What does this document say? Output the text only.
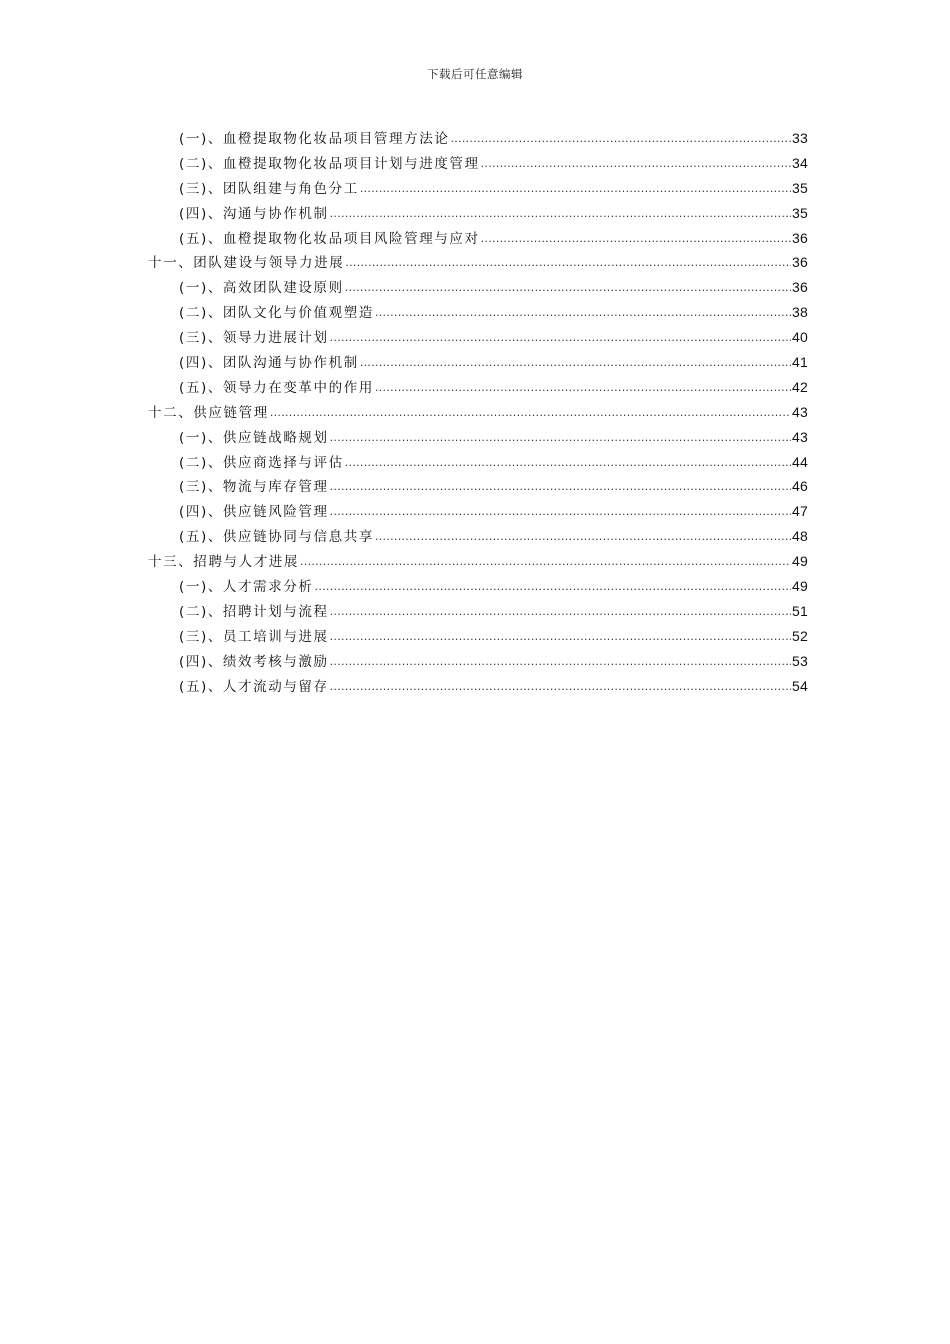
下载后可任意编辑
(一)、血橙提取物化妆品项目管理方法论 .....	33
(二)、血橙提取物化妆品项目计划与进度管理 .....	34
(三)、团队组建与角色分工 .....	35
(四)、沟通与协作机制 .....	35
(五)、血橙提取物化妆品项目风险管理与应对 .....	36
十一、团队建设与领导力进展 .....	36
(一)、高效团队建设原则 .....	36
(二)、团队文化与价值观塑造 .....	38
(三)、领导力进展计划 .....	40
(四)、团队沟通与协作机制 .....	41
(五)、领导力在变革中的作用 .....	42
十二、供应链管理 .....	43
(一)、供应链战略规划 .....	43
(二)、供应商选择与评估 .....	44
(三)、物流与库存管理 .....	46
(四)、供应链风险管理 .....	47
(五)、供应链协同与信息共享 .....	48
十三、招聘与人才进展 .....	49
(一)、人才需求分析 .....	49
(二)、招聘计划与流程 .....	51
(三)、员工培训与进展 .....	52
(四)、绩效考核与激励 .....	53
(五)、人才流动与留存 .....	54
